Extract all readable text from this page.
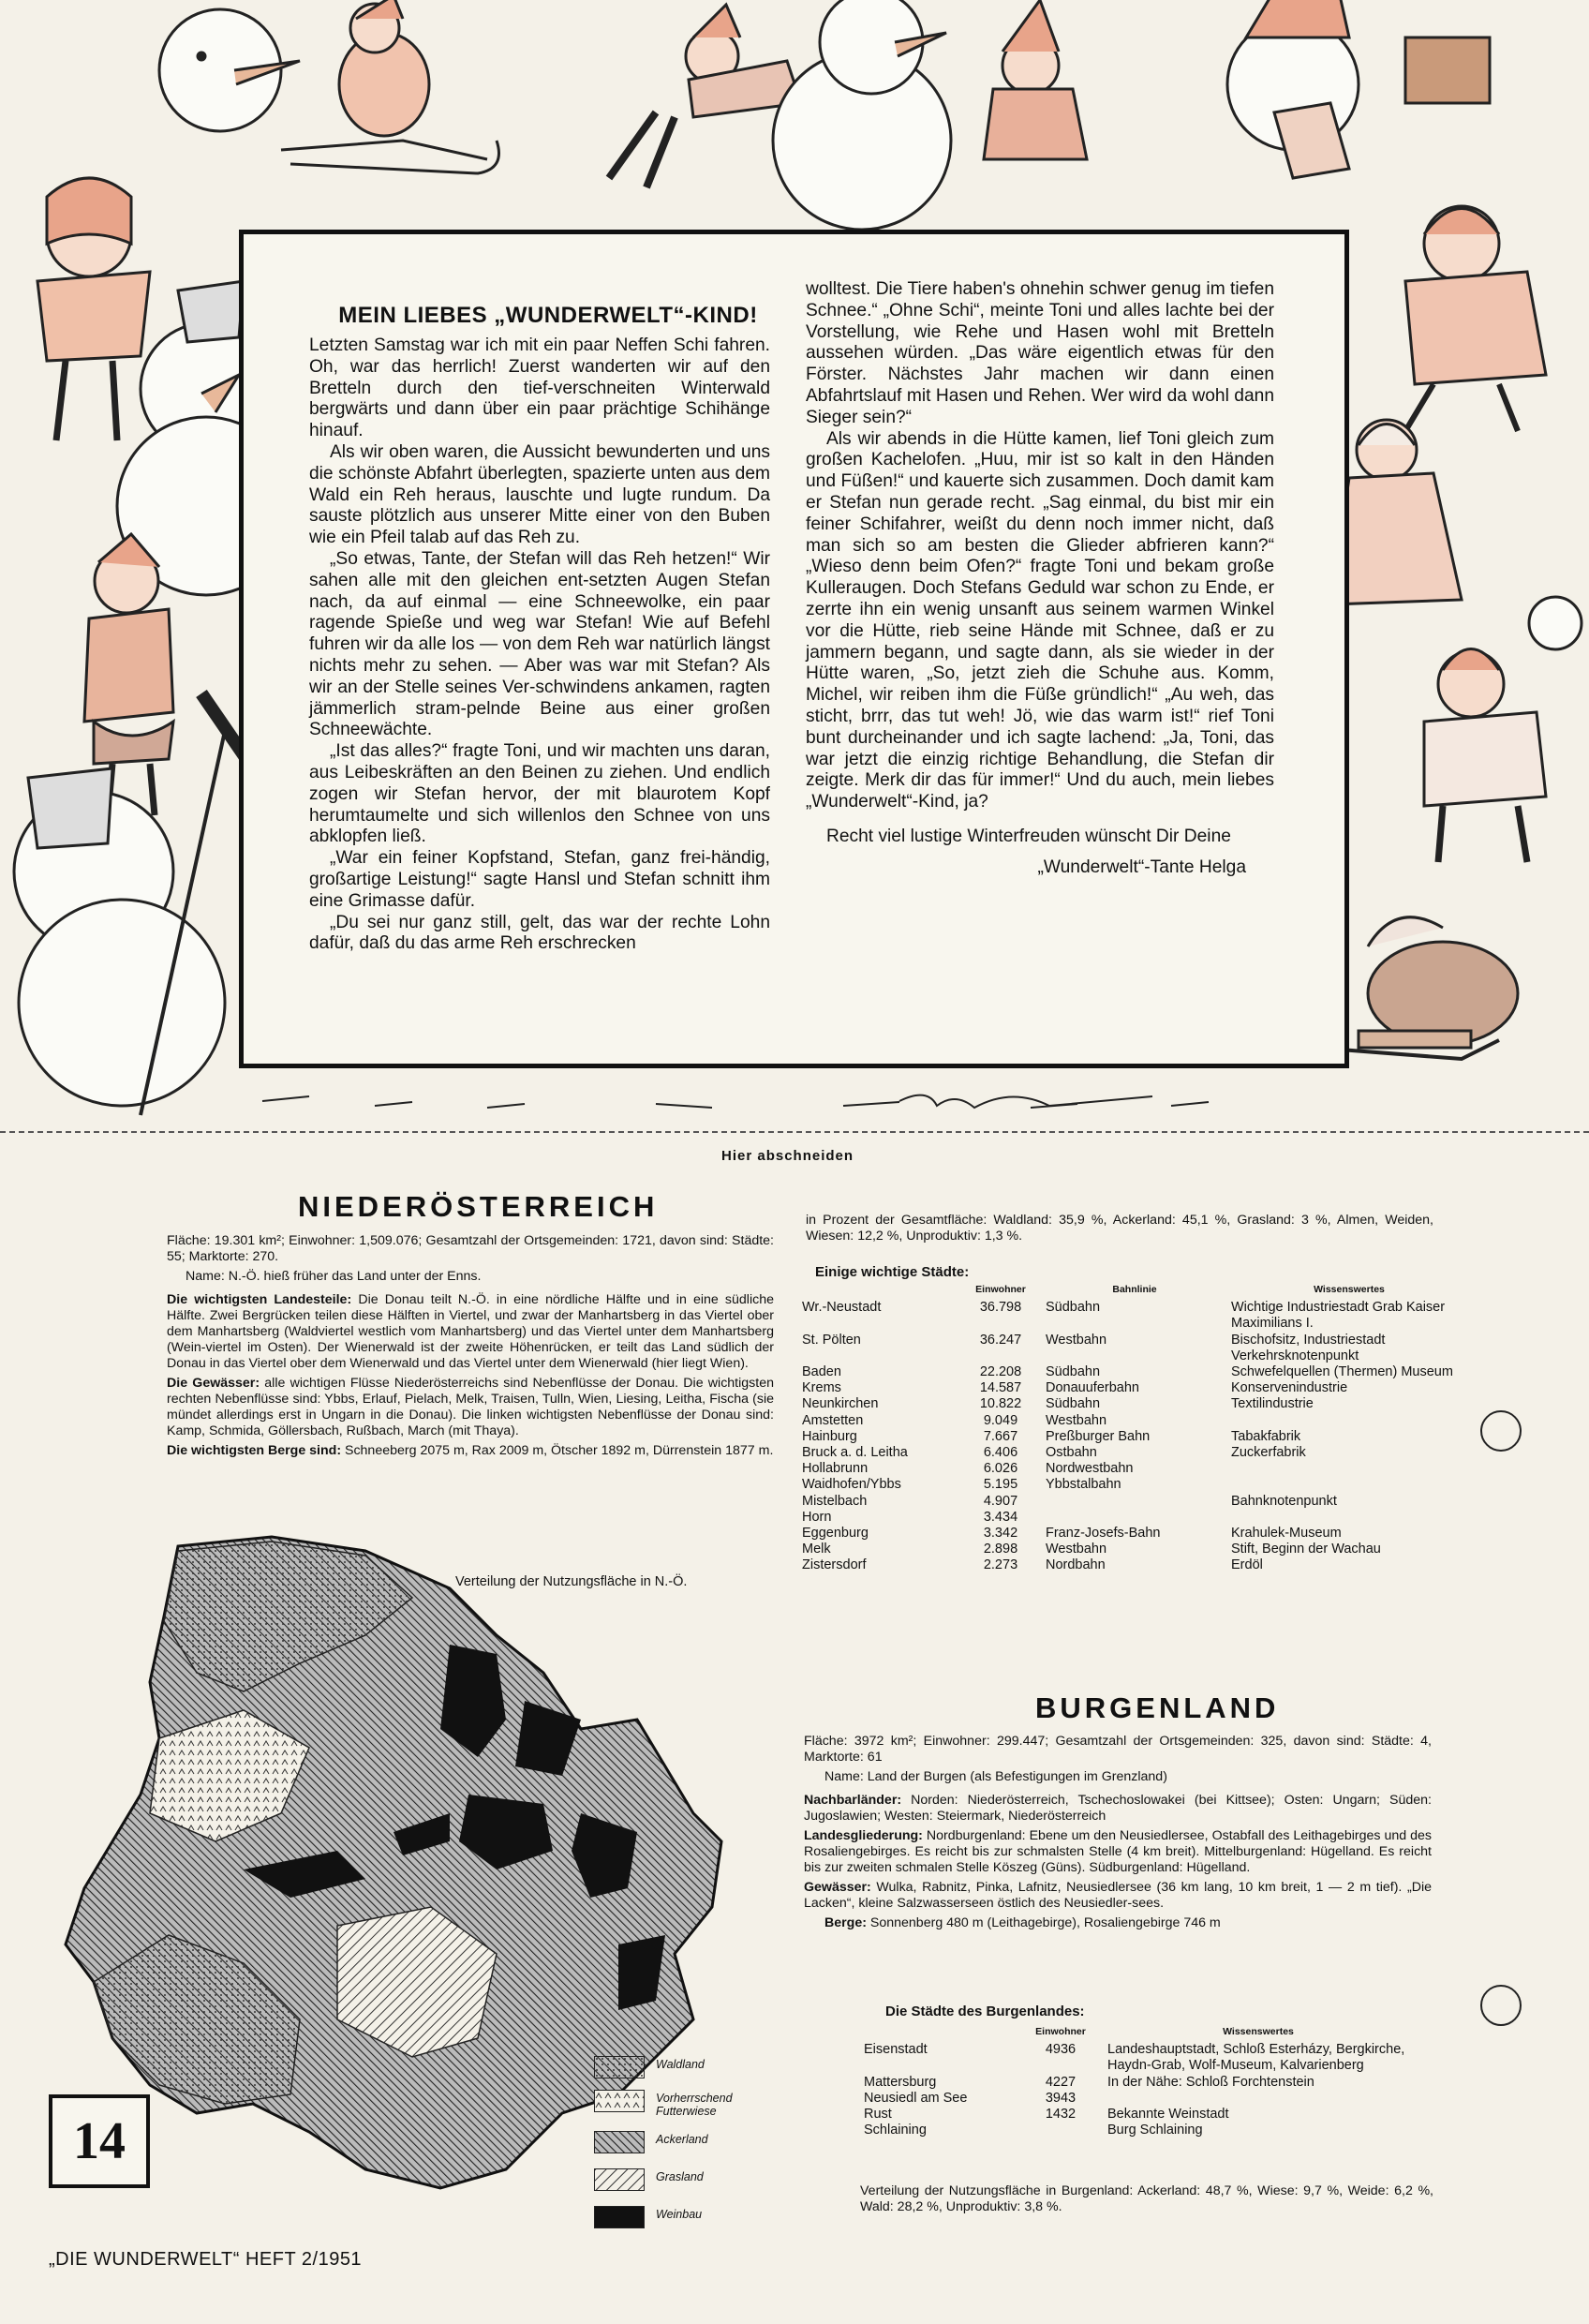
MEIN LIEBES „WUNDERWELT“-KIND!

Letzten Samstag war ich mit ein paar Neffen Schi fahren. Oh, war das herrlich! Zuerst wanderten wir auf den Bretteln durch den tief-verschneiten Winterwald bergwärts und dann über ein paar prächtige Schihänge hinauf.

Als wir oben waren, die Aussicht bewunderten und uns die schönste Abfahrt überlegten, spazierte unten aus dem Wald ein Reh heraus, lauschte und lugte rundum. Da sauste plötzlich aus unserer Mitte einer von den Buben wie ein Pfeil talab auf das Reh zu.

„So etwas, Tante, der Stefan will das Reh hetzen!“ Wir sahen alle mit den gleichen ent-setzten Augen Stefan nach, da auf einmal — eine Schneewolke, ein paar ragende Spieße und weg war Stefan! Wie auf Befehl fuhren wir da alle los — von dem Reh war natürlich längst nichts mehr zu sehen. — Aber was war mit Stefan? Als wir an der Stelle seines Ver-schwindens ankamen, ragten jämmerlich stram-pelnde Beine aus einer großen Schneewächte.

„Ist das alles?“ fragte Toni, und wir machten uns daran, aus Leibeskräften an den Beinen zu ziehen. Und endlich zogen wir Stefan hervor, der mit blaurotem Kopf herumtaumelte und sich willenlos den Schnee von uns abklopfen ließ.

„War ein feiner Kopfstand, Stefan, ganz frei-händig, großartige Leistung!“ sagte Hansl und Stefan schnitt ihm eine Grimasse dafür.

„Du sei nur ganz still, gelt, das war der rechte Lohn dafür, daß du das arme Reh erschrecken

wolltest. Die Tiere haben's ohnehin schwer genug im tiefen Schnee.“ „Ohne Schi“, meinte Toni und alles lachte bei der Vorstellung, wie Rehe und Hasen wohl mit Bretteln aussehen würden. „Das wäre eigentlich etwas für den Förster. Nächstes Jahr machen wir dann einen Abfahrtslauf mit Hasen und Rehen. Wer wird da wohl dann Sieger sein?“

Als wir abends in die Hütte kamen, lief Toni gleich zum großen Kachelofen. „Huu, mir ist so kalt in den Händen und Füßen!“ und kauerte sich zusammen. Doch damit kam er Stefan nun gerade recht. „Sag einmal, du bist mir ein feiner Schifahrer, weißt du denn noch immer nicht, daß man sich so am besten die Glieder abfrieren kann?“ „Wieso denn beim Ofen?“ fragte Toni und bekam große Kulleraugen. Doch Stefans Geduld war schon zu Ende, er zerrte ihn ein wenig unsanft aus seinem warmen Winkel vor die Hütte, rieb seine Hände mit Schnee, daß er zu jammern begann, und sagte dann, als sie wieder in der Hütte waren, „So, jetzt zieh die Schuhe aus. Komm, Michel, wir reiben ihm die Füße gründlich!“ „Au weh, das sticht, brrr, das tut weh! Jö, wie das warm ist!“ rief Toni bunt durcheinander und ich sagte lachend: „Ja, Toni, das war jetzt die einzig richtige Behandlung, die Stefan dir zeigte. Merk dir das für immer!“ Und du auch, mein liebes „Wunderwelt“-Kind, ja?

Recht viel lustige Winterfreuden wünscht Dir Deine

„Wunderwelt“-Tante Helga

Hier abschneiden
NIEDERÖSTERREICH

Fläche: 19.301 km²; Einwohner: 1,509.076; Gesamtzahl der Ortsgemeinden: 1721, davon sind: Städte: 55; Marktorte: 270.

Name: N.-Ö. hieß früher das Land unter der Enns.

Die wichtigsten Landesteile: Die Donau teilt N.-Ö. in eine nördliche Hälfte und in eine südliche Hälfte. Zwei Bergrücken teilen diese Hälften in Viertel, und zwar der Manhartsberg in das Viertel ober dem Manhartsberg (Waldviertel westlich vom Manhartsberg) und das Viertel unter dem Manhartsberg (Wein-viertel im Osten). Der Wienerwald ist der zweite Höhenrücken, er teilt das Land südlich der Donau in das Viertel ober dem Wienerwald und das Viertel unter dem Wienerwald (hier liegt Wien).

Die Gewässer: alle wichtigen Flüsse Niederösterreichs sind Nebenflüsse der Donau. Die wichtigsten rechten Nebenflüsse sind: Ybbs, Erlauf, Pielach, Melk, Traisen, Tulln, Wien, Liesing, Leitha, Fischa (sie mündet allerdings erst in Ungarn in die Donau). Die linken wichtigsten Nebenflüsse der Donau sind: Kamp, Schmida, Göllersbach, Rußbach, March (mit Thaya).

Die wichtigsten Berge sind: Schneeberg 2075 m, Rax 2009 m, Ötscher 1892 m, Dürrenstein 1877 m.

in Prozent der Gesamtfläche: Waldland: 35,9 %, Ackerland: 45,1 %, Grasland: 3 %, Almen, Weiden, Wiesen: 12,2 %, Unproduktiv: 1,3 %.
Einige wichtige Städte:
	Einwohner	Bahnlinie	Wissenswertes
Wr.-Neustadt	36.798	Südbahn	Wichtige Industriestadt Grab Kaiser Maximilians I.
St. Pölten	36.247	Westbahn	Bischofsitz, Industriestadt Verkehrsknotenpunkt
Baden	22.208	Südbahn	Schwefelquellen (Thermen) Museum
Krems	14.587	Donauuferbahn	Konservenindustrie
Neunkirchen	10.822	Südbahn	Textilindustrie
Amstetten	9.049	Westbahn	
Hainburg	7.667	Preßburger Bahn	Tabakfabrik
Bruck a. d. Leitha	6.406	Ostbahn	Zuckerfabrik
Hollabrunn	6.026	Nordwestbahn	
Waidhofen/Ybbs	5.195	Ybbstalbahn	
Mistelbach	4.907		Bahnknotenpunkt
Horn	3.434		
Eggenburg	3.342	Franz-Josefs-Bahn	Krahulek-Museum
Melk	2.898	Westbahn	Stift, Beginn der Wachau
Zistersdorf	2.273	Nordbahn	Erdöl
Verteilung der Nutzungsfläche in N.-Ö.
Waldland
Vorherrschend Futterwiese
Ackerland
Grasland
Weinbau
BURGENLAND

Fläche: 3972 km²; Einwohner: 299.447; Gesamtzahl der Ortsgemeinden: 325, davon sind: Städte: 4, Marktorte: 61

Name: Land der Burgen (als Befestigungen im Grenzland)

Nachbarländer: Norden: Niederösterreich, Tschechoslowakei (bei Kittsee); Osten: Ungarn; Süden: Jugoslawien; Westen: Steiermark, Niederösterreich

Landesgliederung: Nordburgenland: Ebene um den Neusiedlersee, Ostabfall des Leithagebirges und des Rosaliengebirges. Es reicht bis zur schmalsten Stelle (4 km breit). Mittelburgenland: Hügelland. Es reicht bis zur zweiten schmalen Stelle Köszeg (Güns). Südburgenland: Hügelland.

Gewässer: Wulka, Rabnitz, Pinka, Lafnitz, Neusiedlersee (36 km lang, 10 km breit, 1 — 2 m tief). „Die Lacken“, kleine Salzwasserseen östlich des Neusiedler-sees.

Berge: Sonnenberg 480 m (Leithagebirge), Rosaliengebirge 746 m

Die Städte des Burgenlandes:
	Einwohner	Wissenswertes
Eisenstadt	4936	Landeshauptstadt, Schloß Esterházy, Bergkirche, Haydn-Grab, Wolf-Museum, Kalvarienberg
Mattersburg	4227	In der Nähe: Schloß Forchtenstein
Neusiedl am See	3943	
Rust	1432	Bekannte Weinstadt
Schlaining		Burg Schlaining
Verteilung der Nutzungsfläche in Burgenland: Ackerland: 48,7 %, Wiese: 9,7 %, Weide: 6,2 %, Wald: 28,2 %, Unproduktiv: 3,8 %.
14
„DIE WUNDERWELT“ HEFT 2/1951
